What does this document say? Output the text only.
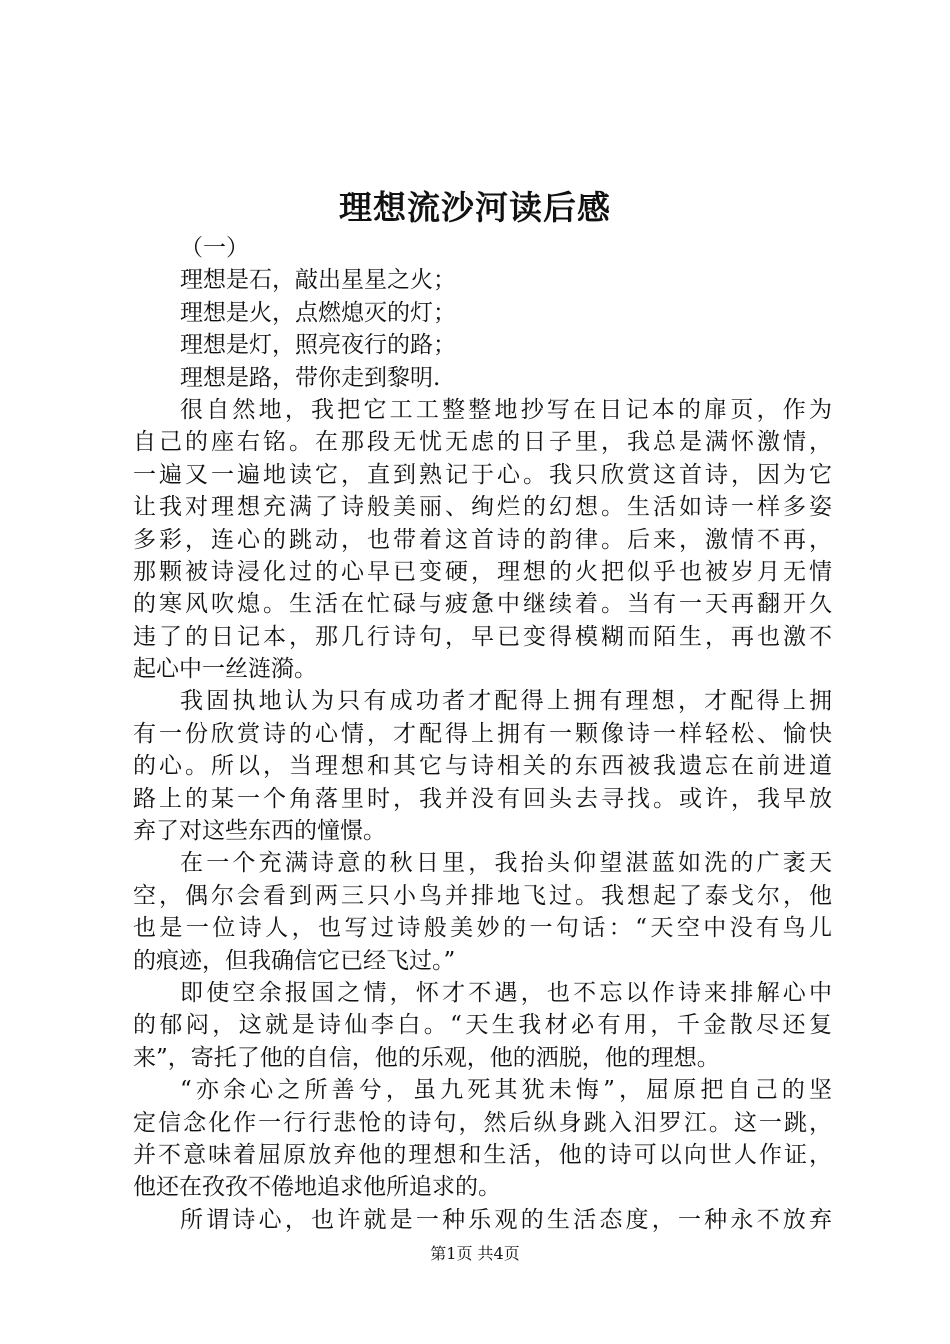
理想流沙河读后感
（一）
理想是石，敲出星星之火；
理想是火，点燃熄灭的灯；
理想是灯，照亮夜行的路；
理想是路，带你走到黎明.
很自然地，我把它工工整整地抄写在日记本的扉页，作为
自己的座右铭。在那段无忧无虑的日子里，我总是满怀激情，
一遍又一遍地读它，直到熟记于心。我只欣赏这首诗，因为它
让我对理想充满了诗般美丽、绚烂的幻想。生活如诗一样多姿
多彩，连心的跳动，也带着这首诗的韵律。后来，激情不再，
那颗被诗浸化过的心早已变硬，理想的火把似乎也被岁月无情
的寒风吹熄。生活在忙碌与疲惫中继续着。当有一天再翻开久
违了的日记本，那几行诗句，早已变得模糊而陌生，再也激不
起心中一丝涟漪。
我固执地认为只有成功者才配得上拥有理想，才配得上拥
有一份欣赏诗的心情，才配得上拥有一颗像诗一样轻松、愉快
的心。所以，当理想和其它与诗相关的东西被我遗忘在前进道
路上的某一个角落里时，我并没有回头去寻找。或许，我早放
弃了对这些东西的憧憬。
在一个充满诗意的秋日里，我抬头仰望湛蓝如洗的广袤天
空，偶尔会看到两三只小鸟并排地飞过。我想起了泰戈尔，他
也是一位诗人，也写过诗般美妙的一句话：“天空中没有鸟儿
的痕迹，但我确信它已经飞过。”
即使空余报国之情，怀才不遇，也不忘以作诗来排解心中
的郁闷，这就是诗仙李白。“天生我材必有用，千金散尽还复
来”，寄托了他的自信，他的乐观，他的洒脱，他的理想。
“亦余心之所善兮，虽九死其犹未悔”，屈原把自己的坚
定信念化作一行行悲怆的诗句，然后纵身跳入汨罗江。这一跳，
并不意味着屈原放弃他的理想和生活，他的诗可以向世人作证，
他还在孜孜不倦地追求他所追求的。
所谓诗心，也许就是一种乐观的生活态度，一种永不放弃
第1页 共4页
